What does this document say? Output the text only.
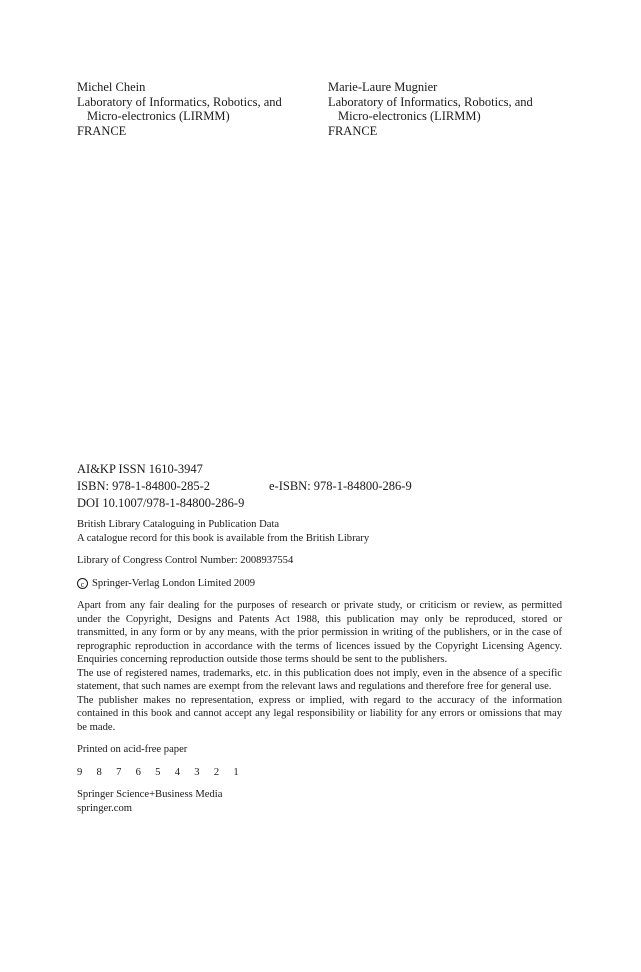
Michel Chein
Laboratory of Informatics, Robotics, and
Micro-electronics (LIRMM)
FRANCE
Marie-Laure Mugnier
Laboratory of Informatics, Robotics, and
Micro-electronics (LIRMM)
FRANCE
AI&KP ISSN 1610-3947
ISBN: 978-1-84800-285-2	e-ISBN: 978-1-84800-286-9
DOI 10.1007/978-1-84800-286-9
British Library Cataloguing in Publication Data
A catalogue record for this book is available from the British Library
Library of Congress Control Number: 2008937554
c Springer-Verlag London Limited 2009
Apart from any fair dealing for the purposes of research or private study, or criticism or review, as permitted under the Copyright, Designs and Patents Act 1988, this publication may only be reproduced, stored or transmitted, in any form or by any means, with the prior permission in writing of the publishers, or in the case of reprographic reproduction in accordance with the terms of licences issued by the Copyright Licensing Agency. Enquiries concerning reproduction outside those terms should be sent to the publishers.
The use of registered names, trademarks, etc. in this publication does not imply, even in the absence of a specific statement, that such names are exempt from the relevant laws and regulations and therefore free for general use.
The publisher makes no representation, express or implied, with regard to the accuracy of the information contained in this book and cannot accept any legal responsibility or liability for any errors or omissions that may be made.
Printed on acid-free paper
9 8 7 6 5 4 3 2 1
Springer Science+Business Media
springer.com
